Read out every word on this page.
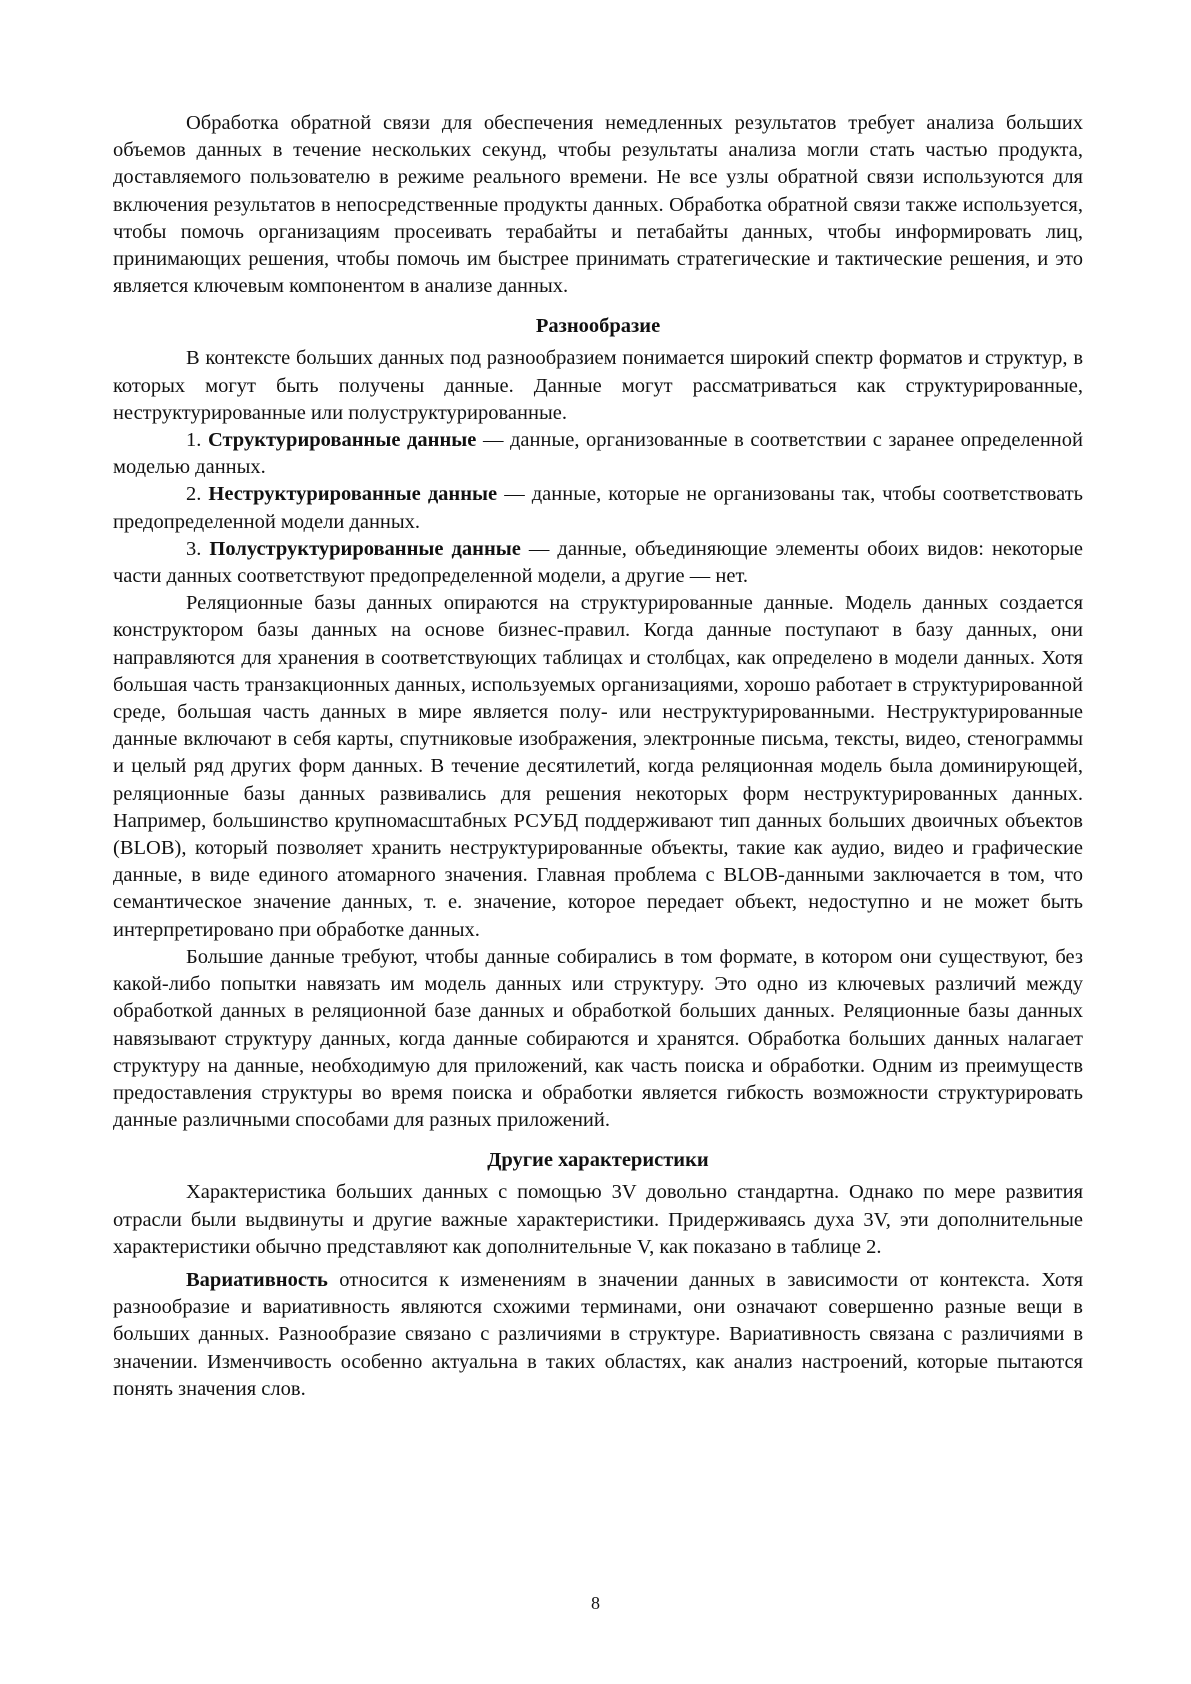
Обработка обратной связи для обеспечения немедленных результатов требует анализа больших объемов данных в течение нескольких секунд, чтобы результаты анализа могли стать частью продукта, доставляемого пользователю в режиме реального времени. Не все узлы обратной связи используются для включения результатов в непосредственные продукты данных. Обработка обратной связи также используется, чтобы помочь организациям просеивать терабайты и петабайты данных, чтобы информировать лиц, принимающих решения, чтобы помочь им быстрее принимать стратегические и тактические решения, и это является ключевым компонентом в анализе данных.

Разнообразие

В контексте больших данных под разнообразием понимается широкий спектр форматов и структур, в которых могут быть получены данные. Данные могут рассматриваться как структурированные, неструктурированные или полуструктурированные.

1. Структурированные данные — данные, организованные в соответствии с заранее определенной моделью данных.

2. Неструктурированные данные — данные, которые не организованы так, чтобы соответствовать предопределенной модели данных.

3. Полуструктурированные данные — данные, объединяющие элементы обоих видов: некоторые части данных соответствуют предопределенной модели, а другие — нет.

Реляционные базы данных опираются на структурированные данные. Модель данных создается конструктором базы данных на основе бизнес-правил. Когда данные поступают в базу данных, они направляются для хранения в соответствующих таблицах и столбцах, как определено в модели данных. Хотя большая часть транзакционных данных, используемых организациями, хорошо работает в структурированной среде, большая часть данных в мире является полу- или неструктурированными. Неструктурированные данные включают в себя карты, спутниковые изображения, электронные письма, тексты, видео, стенограммы и целый ряд других форм данных. В течение десятилетий, когда реляционная модель была доминирующей, реляционные базы данных развивались для решения некоторых форм неструктурированных данных. Например, большинство крупномасштабных РСУБД поддерживают тип данных больших двоичных объектов (BLOB), который позволяет хранить неструктурированные объекты, такие как аудио, видео и графические данные, в виде единого атомарного значения. Главная проблема с BLOB-данными заключается в том, что семантическое значение данных, т. е. значение, которое передает объект, недоступно и не может быть интерпретировано при обработке данных.

Большие данные требуют, чтобы данные собирались в том формате, в котором они существуют, без какой-либо попытки навязать им модель данных или структуру. Это одно из ключевых различий между обработкой данных в реляционной базе данных и обработкой больших данных. Реляционные базы данных навязывают структуру данных, когда данные собираются и хранятся. Обработка больших данных налагает структуру на данные, необходимую для приложений, как часть поиска и обработки. Одним из преимуществ предоставления структуры во время поиска и обработки является гибкость возможности структурировать данные различными способами для разных приложений.

Другие характеристики

Характеристика больших данных с помощью 3V довольно стандартна. Однако по мере развития отрасли были выдвинуты и другие важные характеристики. Придерживаясь духа 3V, эти дополнительные характеристики обычно представляют как дополнительные V, как показано в таблице 2.

Вариативность относится к изменениям в значении данных в зависимости от контекста. Хотя разнообразие и вариативность являются схожими терминами, они означают совершенно разные вещи в больших данных. Разнообразие связано с различиями в структуре. Вариативность связана с различиями в значении. Изменчивость особенно актуальна в таких областях, как анализ настроений, которые пытаются понять значения слов.

8
